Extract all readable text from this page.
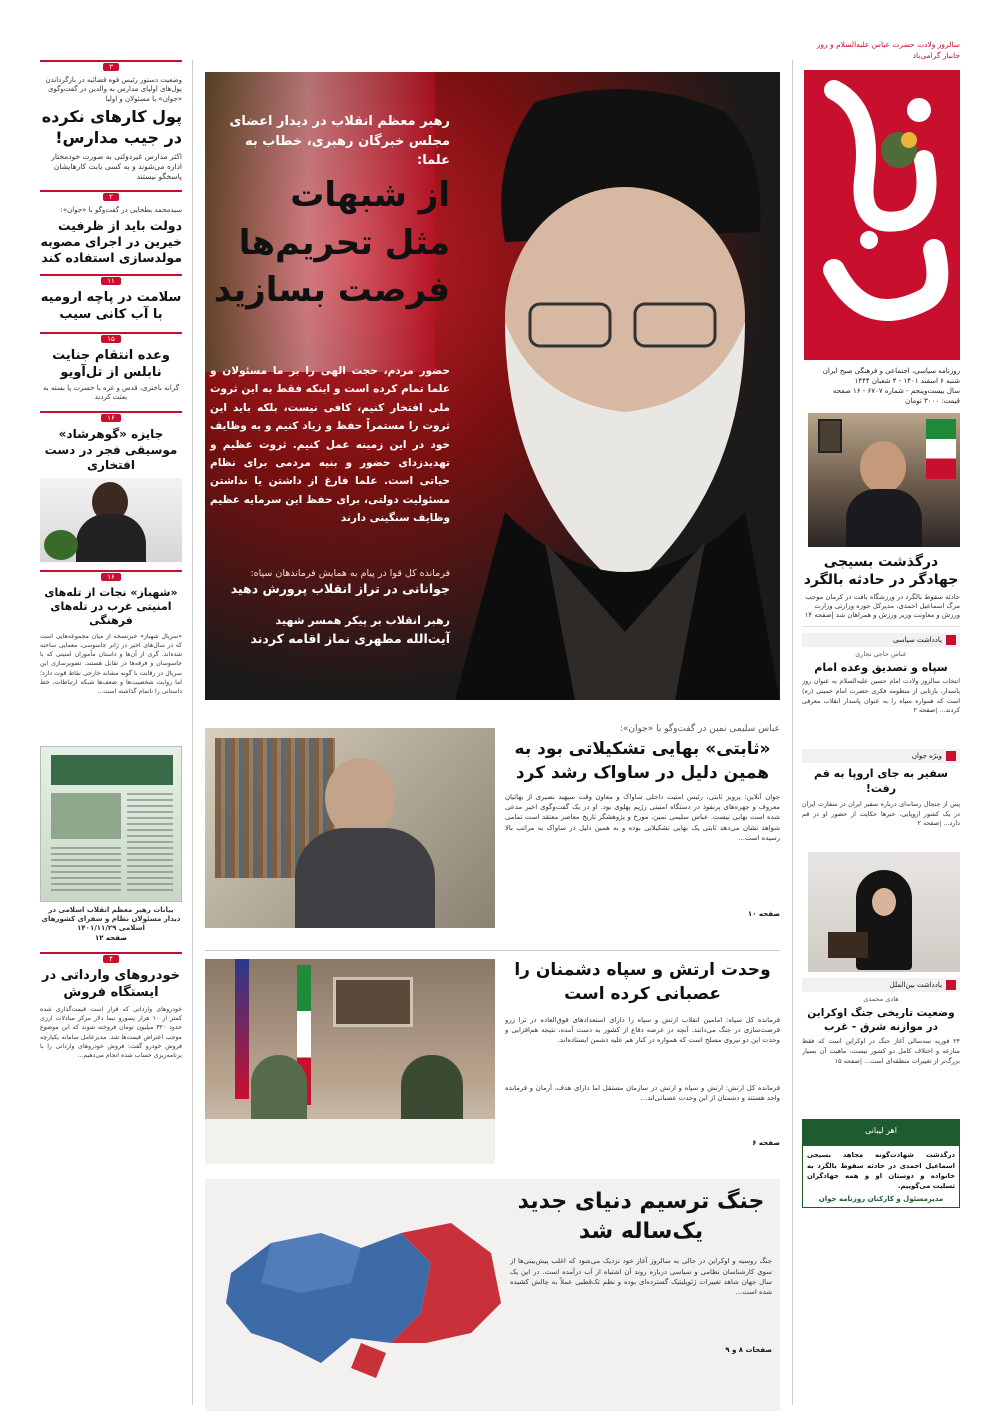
سالروز ولادت حضرت عباس علیه‌السلام و روز جانباز گرامی‌باد
روزنامه سیاسی، اجتماعی و فرهنگی صبح ایران
شنبه ۶ اسفند ۱۴۰۱ - ۴ شعبان ۱۴۴۴
سال بیست‌وپنجم - شماره ۶۷۰۷ - ۱۶ صفحه
قیمت: ۳۰۰۰ تومان
درگذشت بسیجی جهادگر در حادثه بالگرد
حادثه سقوط بالگرد در ورزشگاه بافت در کرمان موجب مرگ اسماعیل احمدی، مدیرکل حوزه وزارتی وزارت ورزش و معاونت وزیر ورزش و همراهان شد |صفحه ۱۴
یادداشت سیاسی
عباس حاجی نجاری
سپاه و تصدیق وعده امام
انتخاب سالروز ولادت امام حسین علیه‌السلام به عنوان روز پاسدار، بازتابی از منظومه فکری حضرت امام خمینی (ره) است که همواره سپاه را به عنوان پاسدار انقلاب معرفی کردند... |صفحه ۲
ویژه جوان
سفیر به جای اروپا به قم رفت!
پس از جنجال رسانه‌ای درباره سفیر ایران در سفارت ایران در یک کشور اروپایی، خبرها حکایت از حضور او در قم دارد... |صفحه ۲
یادداشت بین‌الملل
هادی محمدی
وضعیت تاریخی جنگ اوکراین در موازنه شرق - غرب
۲۴ فوریه سه‌سالی آغاز جنگ در اوکراین است که فقط منازعه و اختلاف کامل دو کشور نیست، ماهیت آن بسیار بزرگ‌تر از تغییرات منطقه‌ای است... |صفحه ۱۵
اهر لیبانی
درگذشت شهادت‌گونه مجاهد بسیجی اسماعیل احمدی در حادثه سقوط بالگرد به خانواده و دوستان او و همه جهادگران تسلیت می‌گوییم.
مدیرمسئول و کارکنان روزنامه جوان
رهبر معظم انقلاب در دیدار اعضای مجلس خبرگان رهبری، خطاب به علما:
از شبهات
مثل تحریم‌ها
فرصت بسازید
حضور مردم، حجت الهی را بر ما مسئولان و علما تمام کرده است و اینکه فقط به این ثروت ملی افتخار کنیم، کافی نیست، بلکه باید این ثروت را مستمراً حفظ و زیاد کنیم و به وظایف خود در این زمینه عمل کنیم. ثروت عظیم و تهدیدزدای حضور و بنیه مردمی برای نظام حیاتی است. علما فارغ از داشتن یا نداشتن مسئولیت دولتی، برای حفظ این سرمایه عظیم وظایف سنگینی دارند
فرمانده کل قوا در پیام به همایش فرماندهان سپاه:
جوانانی در تراز انقلاب پرورش دهید
رهبر انقلاب بر پیکر همسر شهید
آیت‌الله مطهری نماز اقامه کردند
عباس سلیمی نمین در گفت‌وگو با «جوان»:
«ثابتی» بهایی تشکیلاتی بود به همین دلیل در ساواک رشد کرد
جوان آنلاین: پرویز ثابتی، رئیس امنیت داخلی ساواک و معاون وقت سپهبد نصیری از بهائیان معروف و چهره‌های پرنفوذ در دستگاه امنیتی رژیم پهلوی بود. او در یک گفت‌وگوی اخیر مدعی شده است بهایی نیست. عباس سلیمی نمین، مورخ و پژوهشگر تاریخ معاصر معتقد است تمامی شواهد نشان می‌دهد ثابتی یک بهایی تشکیلاتی بوده و به همین دلیل در ساواک به مراتب بالا رسیده است...
صفحه ۱۰
وحدت ارتش و سپاه دشمنان را عصبانی کرده است
فرمانده کل سپاه: امامین انقلاب ارتش و سپاه را دارای استعدادهای فوق‌العاده در ترا زرو فرصت‌سازی در جنگ می‌دانند. آنچه در عرصه دفاع از کشور به دست آمده، نتیجه هم‌افزایی و وحدت این دو نیروی مسلح است که همواره در کنار هم علیه دشمن ایستاده‌اند.
فرمانده کل ارتش: ارتش و سپاه و ارتش در سازمان مستقل اما دارای هدف، آرمان و فرمانده واحد هستند و دشمنان از این وحدت عصبانی‌اند...
صفحه ۶
جنگ ترسیم دنیای جدید یک‌ساله شد
جنگ روسیه و اوکراین در حالی به سالروز آغاز خود نزدیک می‌شود که اغلب پیش‌بینی‌ها از سوی کارشناسان نظامی و سیاسی درباره روند آن اشتباه از آب درآمده است. در این یک سال جهان شاهد تغییرات ژئوپلیتیک گسترده‌ای بوده و نظم تک‌قطبی عملاً به چالش کشیده شده است...
صفحات ۸ و ۹
۳
وضعیت دستور رئیس قوه قضائیه در بازگرداندن پول‌های اولیای مدارس به والدین در گفت‌وگوی «جوان» با مسئولان و اولیا
پول کارهای نکرده در جیب مدارس!
اکثر مدارس غیردولتی به صورت خودمختار اداره می‌شوند و به کسی بابت کارهایشان پاسخگو نیستند
۲
سیدمحمد بطحایی در گفت‌وگو با «جوان»:
دولت باید از ظرفیت خیرین در اجرای مصوبه مولدسازی استفاده کند
۱۱
سلامت در پاچه ارومیه با آب کانی سیب
۱۵
وعده انتقام جنایت نابلس از تل‌آویو
گرانه باختری، قدس و غزه با حسرت پا بسته به بعثت کردند
۱۶
جایزه «گوهرشاد» موسیقی فجر در دست افتخاری
۱۶
«شهباز» نجات از تله‌های امنیتی غرب در تله‌های فرهنگی
«سریال شهباز» خبرنسخه از میان مجموعه‌هایی است که در سال‌های اخیر در ژانر جاسوسی، معمایی ساخته شده‌اند. گری از آن‌ها و داستان مأموران امنیتی که با جاسوسان و فرقه‌ها در تقابل هستند. تصویرسازی این سریال در رقابت با گونه مشابه خارجی نقاط قوت دارد؛ اما روایت شخصیت‌ها و ضعف‌ها شبکه ارتباطات، خط داستانی را ناتمام گذاشته است...
بیانات رهبر معظم انقلاب اسلامی در دیدار مسئولان نظام و سفرای کشورهای اسلامی ۱۴۰۱/۱۱/۲۹
صفحه ۱۲
۴
خودروهای وارداتی در ایستگاه فروش
خودروهای وارداتی که قرار است قیمت‌گذاری شده کمتر از ۱۰ هزار پسورو نیما دلار مرکز مبادلات ارزی حدود ۳۲۰ میلیون تومان فروخته شوند که این موضوع موجب اعتراض قیمت‌ها شد. مدیرعامل سامانه یکپارچه فروش خودرو گفت: فروش خودروهای وارداتی را با برنامه‌ریزی حساب شده انجام می‌دهیم...
